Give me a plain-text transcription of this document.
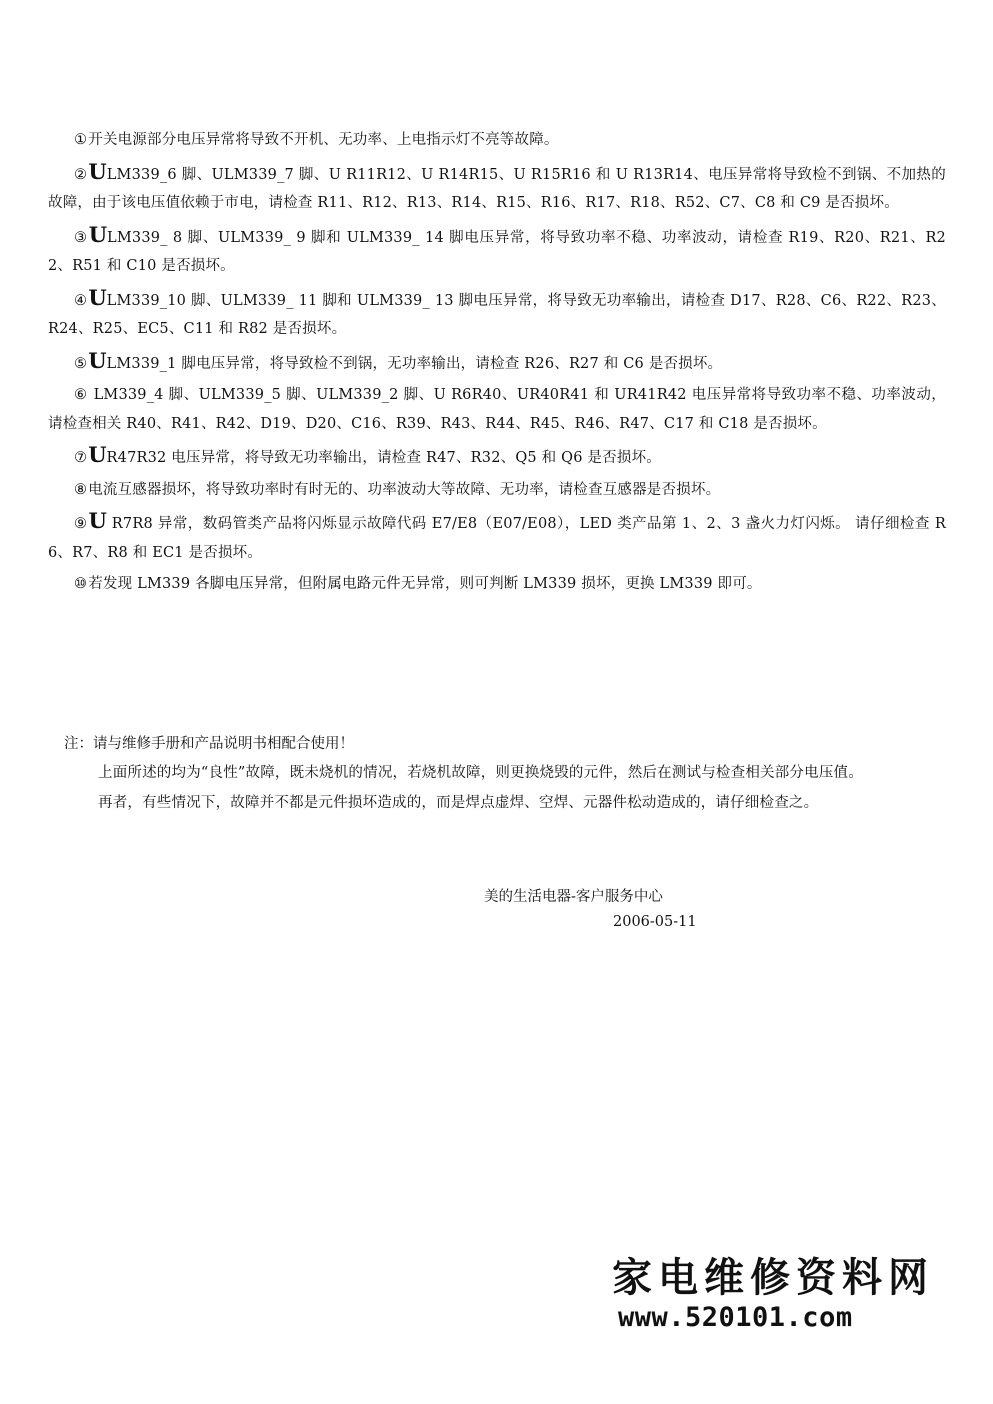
①开关电源部分电压异常将导致不开机、无功率、上电指示灯不亮等故障。

②ULM339_6 脚、ULM339_7 脚、U R11R12、U R14R15、U R15R16 和 U R13R14、电压异常将导致检不到锅、不加热的故障，由于该电压值依赖于市电，请检查 R11、R12、R13、R14、R15、R16、R17、R18、R52、C7、C8 和 C9 是否损坏。

③ULM339_ 8 脚、ULM339_ 9 脚和 ULM339_ 14 脚电压异常，将导致功率不稳、功率波动，请检查 R19、R20、R21、R22、R51 和 C10 是否损坏。

④ULM339_10 脚、ULM339_ 11 脚和 ULM339_ 13 脚电压异常，将导致无功率输出，请检查 D17、R28、C6、R22、R23、R24、R25、EC5、C11 和 R82 是否损坏。

⑤ULM339_1 脚电压异常，将导致检不到锅，无功率输出，请检查 R26、R27 和 C6 是否损坏。

⑥ LM339_4 脚、ULM339_5 脚、ULM339_2 脚、U R6R40、UR40R41 和 UR41R42 电压异常将导致功率不稳、功率波动，请检查相关 R40、R41、R42、D19、D20、C16、R39、R43、R44、R45、R46、R47、C17 和 C18 是否损坏。

⑦UR47R32 电压异常，将导致无功率输出，请检查 R47、R32、Q5 和 Q6 是否损坏。

⑧电流互感器损坏，将导致功率时有时无的、功率波动大等故障、无功率，请检查互感器是否损坏。

⑨U R7R8 异常，数码管类产品将闪烁显示故障代码 E7/E8（E07/E08），LED 类产品第 1、2、3 盏火力灯闪烁。 请仔细检查 R6、R7、R8 和 EC1 是否损坏。

⑩若发现 LM339 各脚电压异常，但附属电路元件无异常，则可判断 LM339 损坏，更换 LM339 即可。

注：请与维修手册和产品说明书相配合使用！

上面所述的均为“良性”故障，既未烧机的情况，若烧机故障，则更换烧毁的元件，然后在测试与检查相关部分电压值。

再者，有些情况下，故障并不都是元件损坏造成的，而是焊点虚焊、空焊、元器件松动造成的，请仔细检查之。

美的生活电器-客户服务中心
2006-05-11
家电维修资料网
www.520101.com
